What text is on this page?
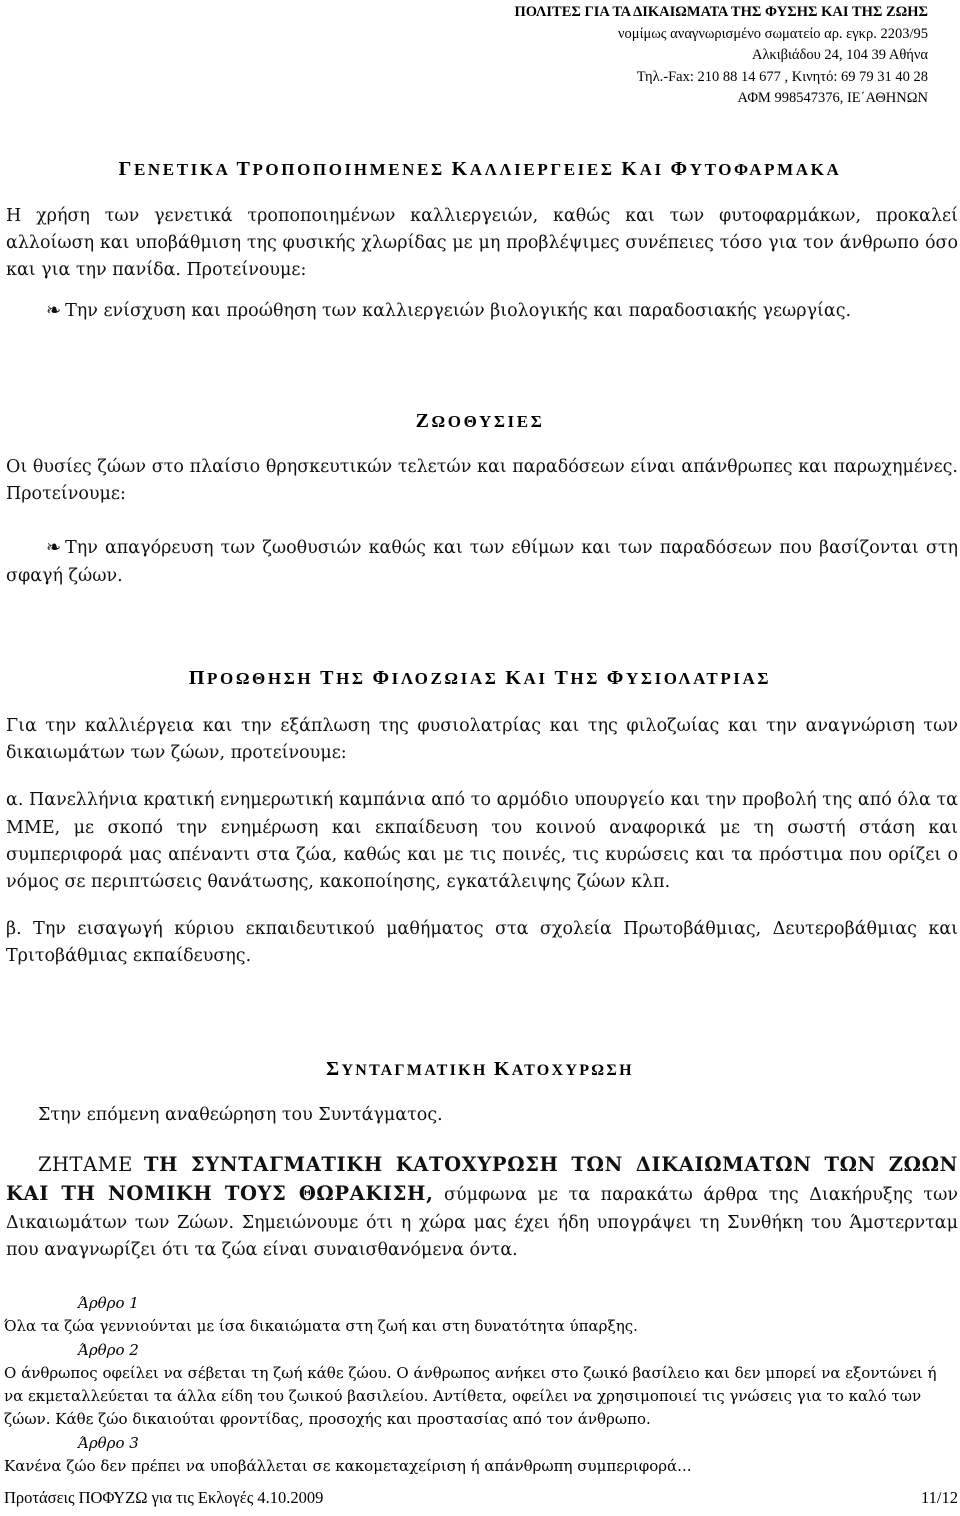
ΠΟΛΙΤΕΣ ΓΙΑ ΤΑ ΔΙΚΑΙΩΜΑΤΑ ΤΗΣ ΦΥΣΗΣ ΚΑΙ ΤΗΣ ΖΩΗΣ
νομίμως αναγνωρισμένο σωματείο αρ. εγκρ. 2203/95
Αλκιβιάδου 24, 104 39 Αθήνα
Τηλ.-Fax: 210 88 14 677 , Κινητό: 69 79 31 40 28
ΑΦΜ 998547376, ΙΕ΄ΑΘΗΝΩΝ
ΓΕΝΕΤΙΚΑ ΤΡΟΠΟΠΟΙΗΜΕΝΕΣ ΚΑΛΛΙΕΡΓΕΙΕΣ ΚΑΙ ΦΥΤΟΦΑΡΜΑΚΑ

Η χρήση των γενετικά τροποποιημένων καλλιεργειών, καθώς και των φυτοφαρμάκων, προκαλεί αλλοίωση και υποβάθμιση της φυσικής χλωρίδας με μη προβλέψιμες συνέπειες τόσο για τον άνθρωπο όσο και για την πανίδα. Προτείνουμε:

❧ Την ενίσχυση και προώθηση των καλλιεργειών βιολογικής και παραδοσιακής γεωργίας.

ΖΩΟΘΥΣΙΕΣ

Οι θυσίες ζώων στο πλαίσιο θρησκευτικών τελετών και παραδόσεων είναι απάνθρωπες και παρωχημένες. Προτείνουμε:

❧ Την απαγόρευση των ζωοθυσιών καθώς και των εθίμων και των παραδόσεων που βασίζονται στη σφαγή ζώων.

ΠΡΟΩΘΗΣΗ ΤΗΣ ΦΙΛΟΖΩΙΑΣ ΚΑΙ ΤΗΣ ΦΥΣΙΟΛΑΤΡΙΑΣ

Για την καλλιέργεια και την εξάπλωση της φυσιολατρίας και της φιλοζωίας και την αναγνώριση των δικαιωμάτων των ζώων, προτείνουμε:

α. Πανελλήνια κρατική ενημερωτική καμπάνια από το αρμόδιο υπουργείο και την προβολή της από όλα τα ΜΜΕ, με σκοπό την ενημέρωση και εκπαίδευση του κοινού αναφορικά με τη σωστή στάση και συμπεριφορά μας απέναντι στα ζώα, καθώς και με τις ποινές, τις κυρώσεις και τα πρόστιμα που ορίζει ο νόμος σε περιπτώσεις θανάτωσης, κακοποίησης, εγκατάλειψης ζώων κλπ.

β. Την εισαγωγή κύριου εκπαιδευτικού μαθήματος στα σχολεία Πρωτοβάθμιας, Δευτεροβάθμιας και Τριτοβάθμιας εκπαίδευσης.

ΣΥΝΤΑΓΜΑΤΙΚΗ ΚΑΤΟΧΥΡΩΣΗ

Στην επόμενη αναθεώρηση του Συντάγματος.

ΖΗΤΑΜΕ ΤΗ ΣΥΝΤΑΓΜΑΤΙΚΗ ΚΑΤΟΧΥΡΩΣΗ ΤΩΝ ΔΙΚΑΙΩΜΑΤΩΝ ΤΩΝ ΖΩΩΝ ΚΑΙ ΤΗ ΝΟΜΙΚΗ ΤΟΥΣ ΘΩΡΑΚΙΣΗ, σύμφωνα με τα παρακάτω άρθρα της Διακήρυξης των Δικαιωμάτων των Ζώων. Σημειώνουμε ότι η χώρα μας έχει ήδη υπογράψει τη Συνθήκη του Άμστερνταμ που αναγνωρίζει ότι τα ζώα είναι συναισθανόμενα όντα.

Άρθρο 1
Όλα τα ζώα γεννιούνται με ίσα δικαιώματα στη ζωή και στη δυνατότητα ύπαρξης.
Άρθρο 2
Ο άνθρωπος οφείλει να σέβεται τη ζωή κάθε ζώου. Ο άνθρωπος ανήκει στο ζωικό βασίλειο και δεν μπορεί να εξοντώνει ή να εκμεταλλεύεται τα άλλα είδη του ζωικού βασιλείου. Αντίθετα, οφείλει να χρησιμοποιεί τις γνώσεις για το καλό των ζώων. Κάθε ζώο δικαιούται φροντίδας, προσοχής και προστασίας από τον άνθρωπο.
Άρθρο 3
Κανένα ζώο δεν πρέπει να υποβάλλεται σε κακομεταχείριση ή απάνθρωπη συμπεριφορά...
Προτάσεις ΠΟΦΥΖΩ για τις Εκλογές 4.10.2009	11/12
